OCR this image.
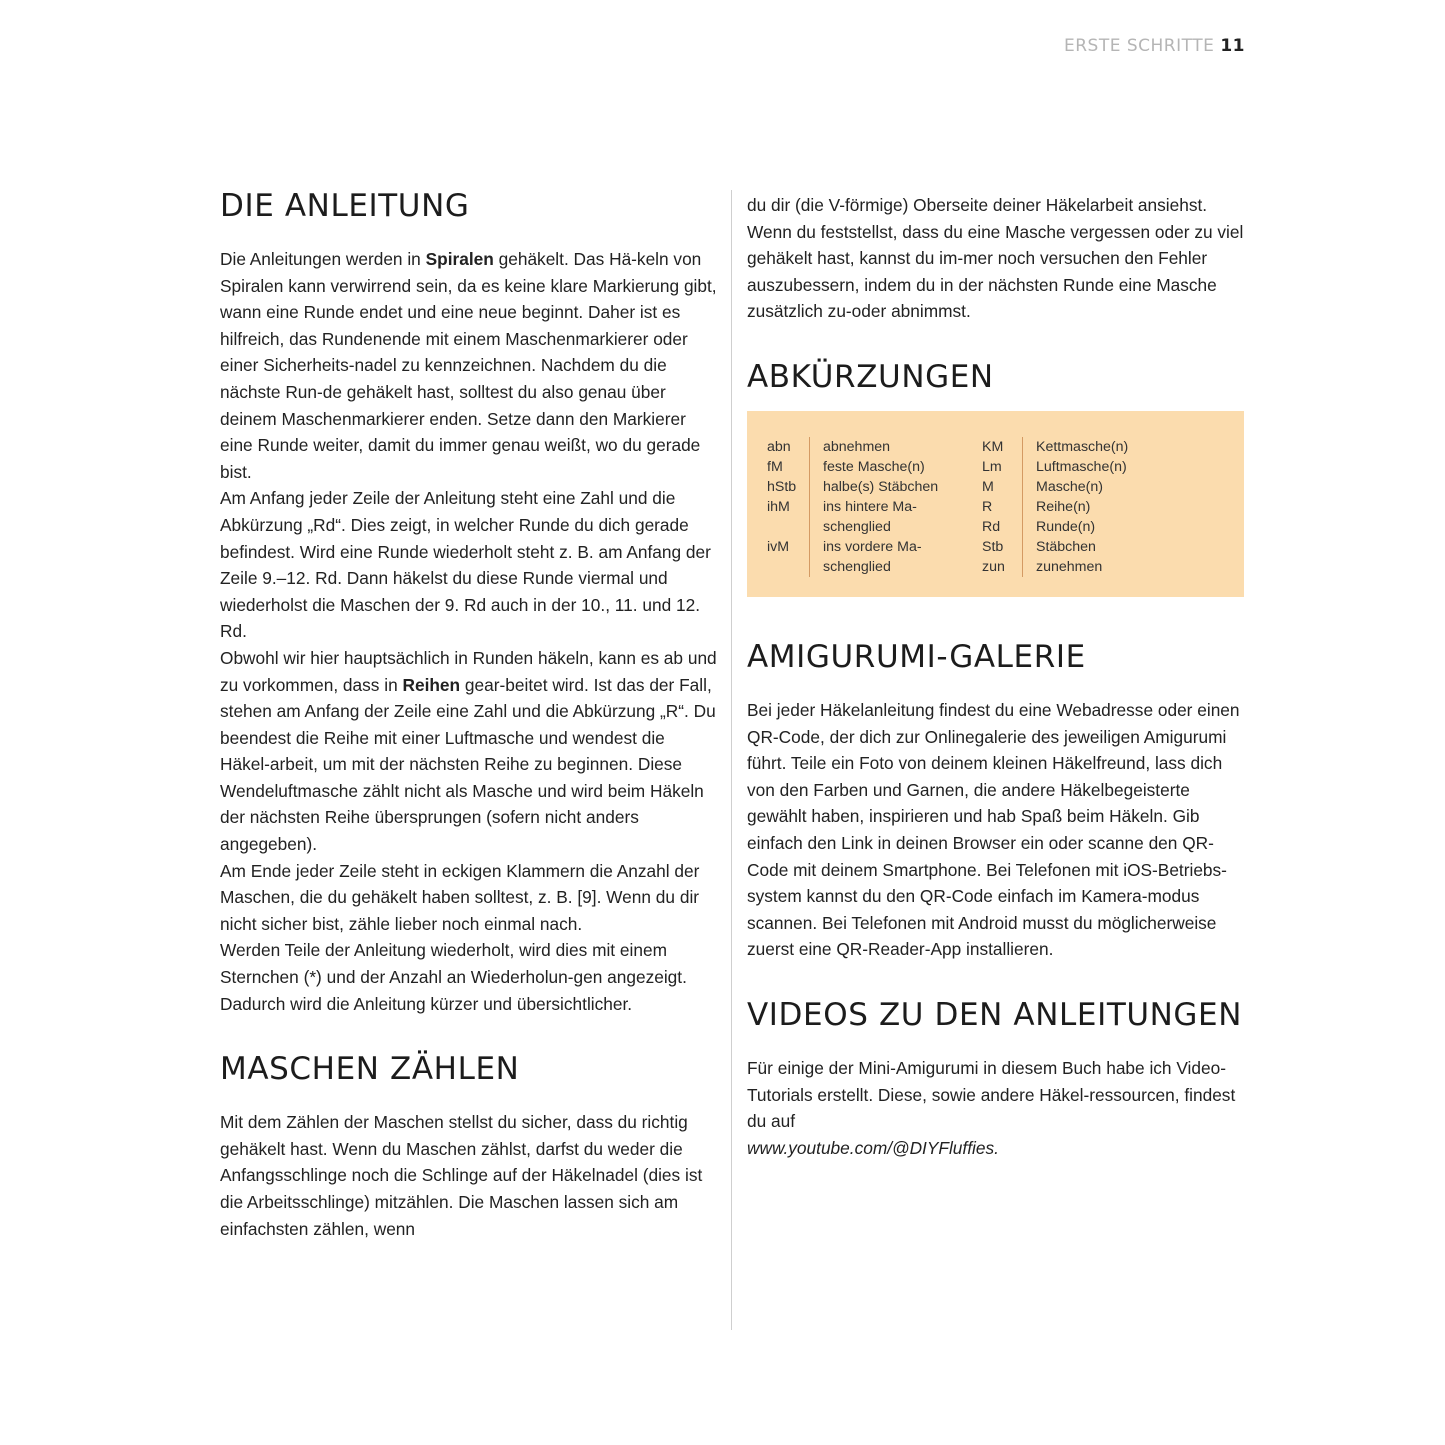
ERSTE SCHRITTE 11
DIE ANLEITUNG

Die Anleitungen werden in Spiralen gehäkelt. Das Hä-keln von Spiralen kann verwirrend sein, da es keine klare Markierung gibt, wann eine Runde endet und eine neue beginnt. Daher ist es hilfreich, das Rundenende mit einem Maschenmarkierer oder einer Sicherheits-nadel zu kennzeichnen. Nachdem du die nächste Run-de gehäkelt hast, solltest du also genau über deinem Maschenmarkierer enden. Setze dann den Markierer eine Runde weiter, damit du immer genau weißt, wo du gerade bist.

Am Anfang jeder Zeile der Anleitung steht eine Zahl und die Abkürzung „Rd“. Dies zeigt, in welcher Runde du dich gerade befindest. Wird eine Runde wiederholt steht z. B. am Anfang der Zeile 9.–12. Rd. Dann häkelst du diese Runde viermal und wiederholst die Maschen der 9. Rd auch in der 10., 11. und 12. Rd.

Obwohl wir hier hauptsächlich in Runden häkeln, kann es ab und zu vorkommen, dass in Reihen gear-beitet wird. Ist das der Fall, stehen am Anfang der Zeile eine Zahl und die Abkürzung „R“. Du beendest die Reihe mit einer Luftmasche und wendest die Häkel-arbeit, um mit der nächsten Reihe zu beginnen. Diese Wendeluftmasche zählt nicht als Masche und wird beim Häkeln der nächsten Reihe übersprungen (sofern nicht anders angegeben).

Am Ende jeder Zeile steht in eckigen Klammern die Anzahl der Maschen, die du gehäkelt haben solltest, z. B. [9]. Wenn du dir nicht sicher bist, zähle lieber noch einmal nach.

Werden Teile der Anleitung wiederholt, wird dies mit einem Sternchen (*) und der Anzahl an Wiederholun-gen angezeigt. Dadurch wird die Anleitung kürzer und übersichtlicher.

MASCHEN ZÄHLEN

Mit dem Zählen der Maschen stellst du sicher, dass du richtig gehäkelt hast. Wenn du Maschen zählst, darfst du weder die Anfangsschlinge noch die Schlinge auf der Häkelnadel (dies ist die Arbeitsschlinge) mitzählen. Die Maschen lassen sich am einfachsten zählen, wenn

du dir (die V-förmige) Oberseite deiner Häkelarbeit ansiehst. Wenn du feststellst, dass du eine Masche vergessen oder zu viel gehäkelt hast, kannst du im-mer noch versuchen den Fehler auszubessern, indem du in der nächsten Runde eine Masche zusätzlich zu-oder abnimmst.

ABKÜRZUNGEN
abn
fM
hStb
ihM
ivM
abnehmen
feste Masche(n)
halbe(s) Stäbchen
ins hintere Ma-
schenglied
ins vordere Ma-
schenglied
KM
Lm
M
R
Rd
Stb
zun
Kettmasche(n)
Luftmasche(n)
Masche(n)
Reihe(n)
Runde(n)
Stäbchen
zunehmen
AMIGURUMI-GALERIE

Bei jeder Häkelanleitung findest du eine Webadresse oder einen QR-Code, der dich zur Onlinegalerie des jeweiligen Amigurumi führt. Teile ein Foto von deinem kleinen Häkelfreund, lass dich von den Farben und Garnen, die andere Häkelbegeisterte gewählt haben, inspirieren und hab Spaß beim Häkeln. Gib einfach den Link in deinen Browser ein oder scanne den QR-Code mit deinem Smartphone. Bei Telefonen mit iOS-Betriebs-system kannst du den QR-Code einfach im Kamera-modus scannen. Bei Telefonen mit Android musst du möglicherweise zuerst eine QR-Reader-App installieren.

VIDEOS ZU DEN ANLEITUNGEN

Für einige der Mini-Amigurumi in diesem Buch habe ich Video-Tutorials erstellt. Diese, sowie andere Häkel-ressourcen, findest du auf
www.youtube.com/@DIYFluffies.
